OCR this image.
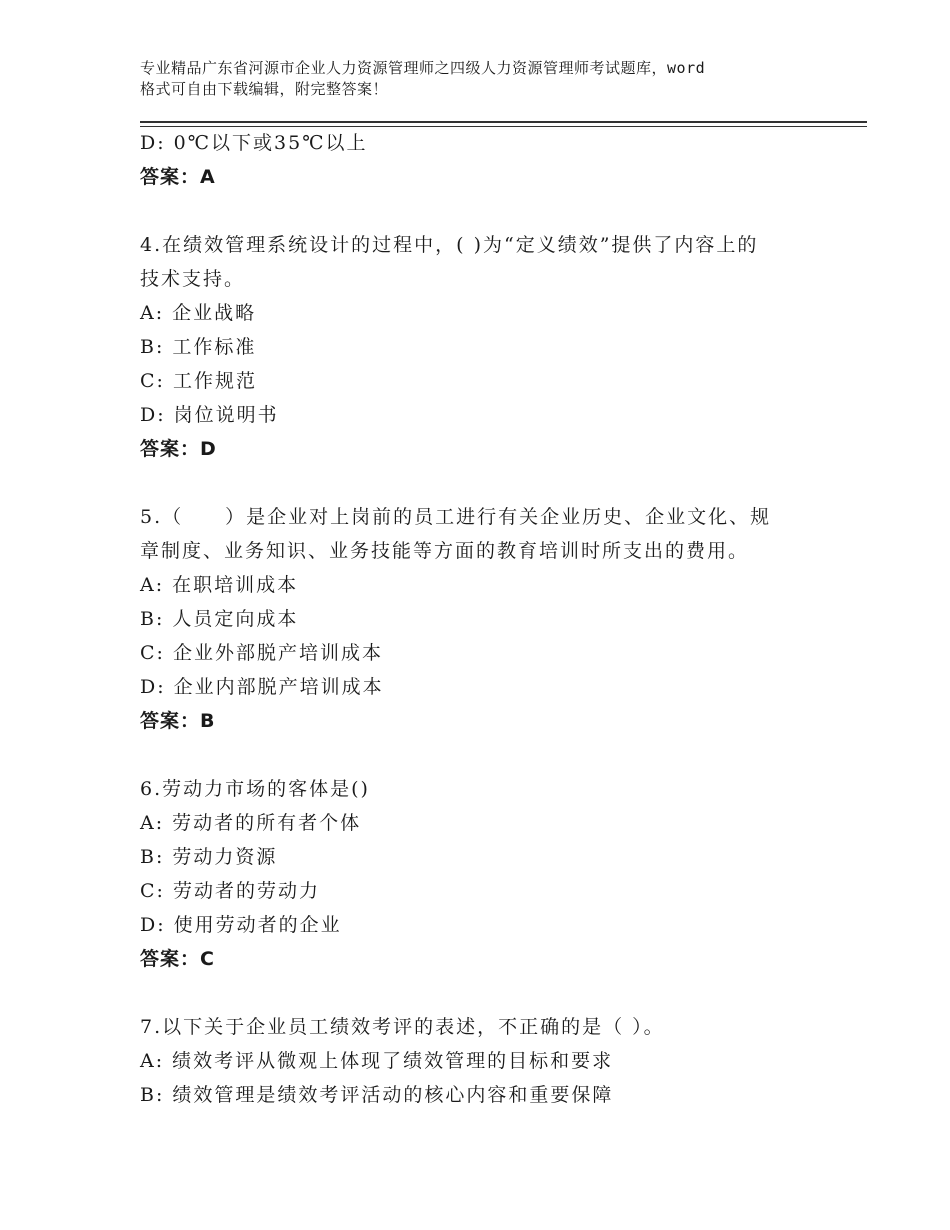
专业精品广东省河源市企业人力资源管理师之四级人力资源管理师考试题库，word
格式可自由下载编辑，附完整答案！
D: 0℃以下或35℃以上
答案：A
4.在绩效管理系统设计的过程中，( )为“定义绩效”提供了内容上的
技术支持。
A: 企业战略
B: 工作标准
C: 工作规范
D: 岗位说明书
答案：D
5.（　　）是企业对上岗前的员工进行有关企业历史、企业文化、规
章制度、业务知识、业务技能等方面的教育培训时所支出的费用。
A: 在职培训成本
B: 人员定向成本
C: 企业外部脱产培训成本
D: 企业内部脱产培训成本
答案：B
6.劳动力市场的客体是()
A: 劳动者的所有者个体
B: 劳动力资源
C: 劳动者的劳动力
D: 使用劳动者的企业
答案：C
7.以下关于企业员工绩效考评的表述，不正确的是（ ）。
A: 绩效考评从微观上体现了绩效管理的目标和要求
B: 绩效管理是绩效考评活动的核心内容和重要保障
